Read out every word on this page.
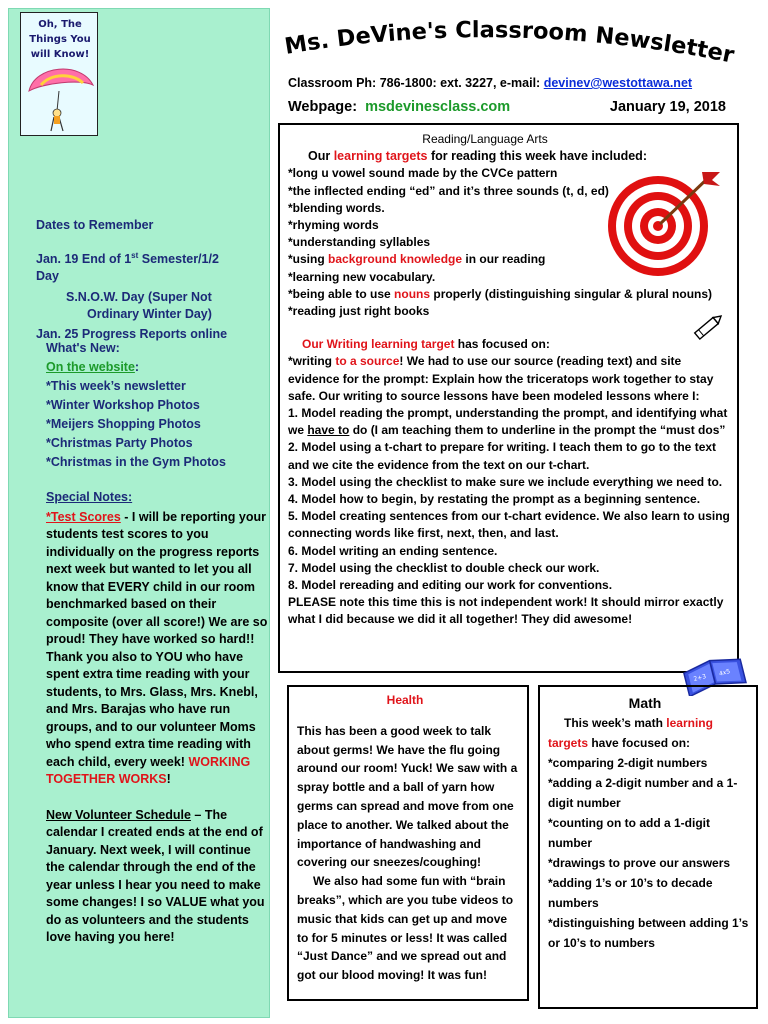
Oh, The Things You will Know!

Dates to Remember

Jan. 19 End of 1st Semester/1/2

Day

S.N.O.W. Day (Super Not

Ordinary Winter Day)

Jan. 25 Progress Reports online

What's New:

On the website:

*This week’s newsletter

*Winter Workshop Photos

*Meijers Shopping Photos

*Christmas Party Photos

*Christmas in the Gym Photos

Special Notes:

*Test Scores - I will be reporting your students test scores to you individually on the progress reports next week but wanted to let you all know that EVERY child in our room benchmarked based on their composite (over all score!) We are so proud! They have worked so hard!! Thank you also to YOU who have spent extra time reading with your students, to Mrs. Glass, Mrs. Knebl, and Mrs. Barajas who have run groups, and to our volunteer Moms who spend extra time reading with each child, every week! WORKING TOGETHER WORKS!

New Volunteer Schedule – The calendar I created ends at the end of January. Next week, I will continue the calendar through the end of the year unless I hear you need to make some changes! I so VALUE what you do as volunteers and the students love having you here!

Ms. DeVine's Classroom Newsletter
Classroom Ph: 786-1800: ext. 3227, e-mail: devinev@westottawa.net
Webpage: msdevinesclass.com	January 19, 2018

Reading/Language Arts

Our learning targets for reading this week have included:

*long u vowel sound made by the CVCe pattern

*the inflected ending “ed” and it’s three sounds (t, d, ed)

*blending words.

*rhyming words

*understanding syllables

*using background knowledge in our reading

*learning new vocabulary.

*being able to use nouns properly (distinguishing singular & plural nouns)

*reading just right books

Our Writing learning target has focused on:

*writing to a source! We had to use our source (reading text) and site evidence for the prompt: Explain how the triceratops work together to stay safe. Our writing to source lessons have been modeled lessons where I:

1. Model reading the prompt, understanding the prompt, and identifying what we have to do (I am teaching them to underline in the prompt the “must dos”

2. Model using a t-chart to prepare for writing. I teach them to go to the text and we cite the evidence from the text on our t-chart.

3. Model using the checklist to make sure we include everything we need to.

4. Model how to begin, by restating the prompt as a beginning sentence.

5. Model creating sentences from our t-chart evidence. We also learn to using connecting words like first, next, then, and last.

6. Model writing an ending sentence.

7. Model using the checklist to double check our work.

8. Model rereading and editing our work for conventions.

PLEASE note this time this is not independent work! It should mirror exactly what I did because we did it all together! They did awesome!

2+3
4x5

Health

This has been a good week to talk about germs! We have the flu going around our room! Yuck! We saw with a spray bottle and a ball of yarn how germs can spread and move from one place to another. We talked about the importance of handwashing and covering our sneezes/coughing!

We also had some fun with “brain breaks”, which are you tube videos to music that kids can get up and move to for 5 minutes or less! It was called “Just Dance” and we spread out and got our blood moving! It was fun!

Math

This week’s math learning targets have focused on:

*comparing 2-digit numbers

*adding a 2-digit number and a 1-digit number

*counting on to add a 1-digit number

*drawings to prove our answers

*adding 1’s or 10’s to decade numbers

*distinguishing between adding 1’s or 10’s to numbers
